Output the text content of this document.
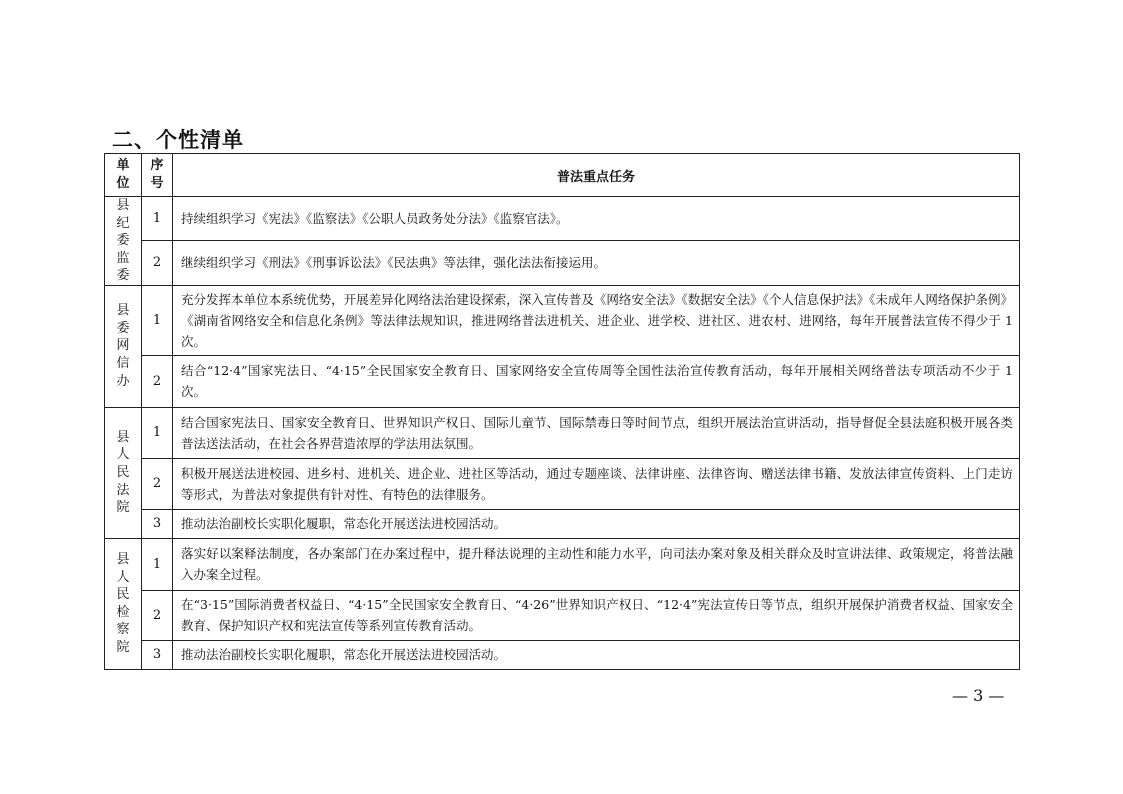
二、个性清单
单位	序号	普法重点任务
县纪委监委	1	持续组织学习《宪法》《监察法》《公职人员政务处分法》《监察官法》。
	2	继续组织学习《刑法》《刑事诉讼法》《民法典》等法律，强化法法衔接运用。
县委网信办	1	充分发挥本单位本系统优势，开展差异化网络法治建设探索，深入宣传普及《网络安全法》《数据安全法》《个人信息保护法》《未成年人网络保护条例》《湖南省网络安全和信息化条例》等法律法规知识，推进网络普法进机关、进企业、进学校、进社区、进农村、进网络，每年开展普法宣传不得少于 1 次。
	2	结合“12·4”国家宪法日、“4·15”全民国家安全教育日、国家网络安全宣传周等全国性法治宣传教育活动，每年开展相关网络普法专项活动不少于 1 次。
县人民法院	1	结合国家宪法日、国家安全教育日、世界知识产权日、国际儿童节、国际禁毒日等时间节点，组织开展法治宣讲活动，指导督促全县法庭积极开展各类普法送法活动，在社会各界营造浓厚的学法用法氛围。
	2	积极开展送法进校园、进乡村、进机关、进企业、进社区等活动，通过专题座谈、法律讲座、法律咨询、赠送法律书籍、发放法律宣传资料、上门走访等形式，为普法对象提供有针对性、有特色的法律服务。
	3	推动法治副校长实职化履职，常态化开展送法进校园活动。
县人民检察院	1	落实好以案释法制度，各办案部门在办案过程中，提升释法说理的主动性和能力水平，向司法办案对象及相关群众及时宣讲法律、政策规定，将普法融入办案全过程。
	2	在“3·15”国际消费者权益日、“4·15”全民国家安全教育日、“4·26”世界知识产权日、“12·4”宪法宣传日等节点，组织开展保护消费者权益、国家安全教育、保护知识产权和宪法宣传等系列宣传教育活动。
	3	推动法治副校长实职化履职，常态化开展送法进校园活动。
— 3 —
